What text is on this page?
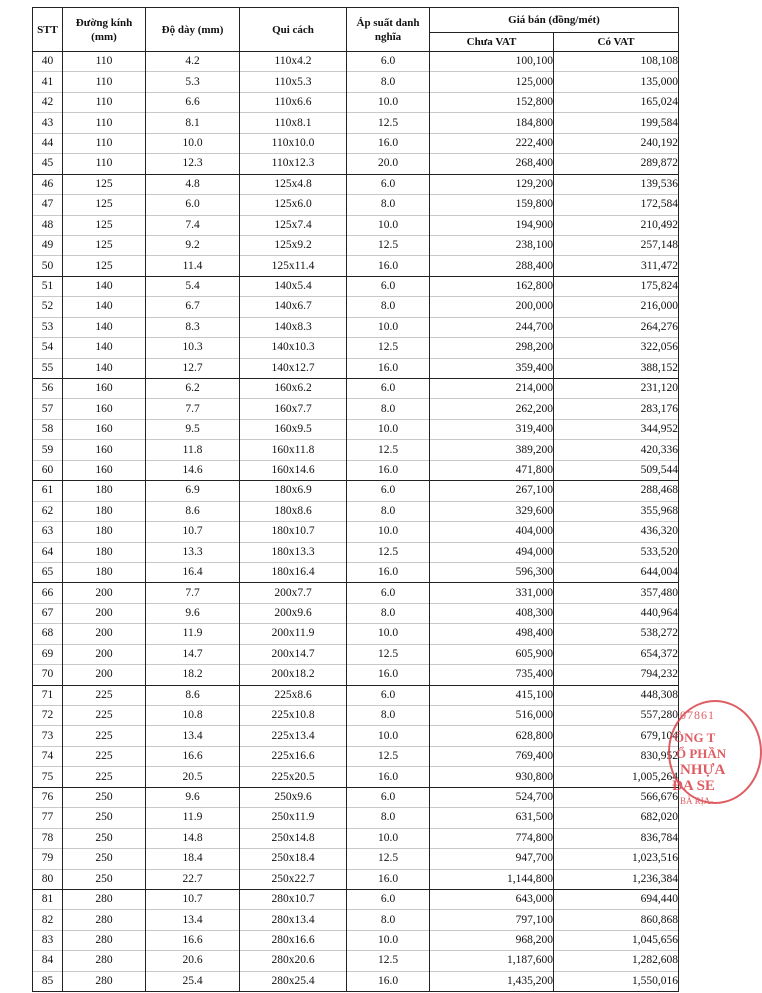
STT	Đường kính (mm)	Độ dày (mm)	Qui cách	Áp suất danh nghĩa	Giá bán (đồng/mét)	
					Chưa VAT	Có VAT
40	110	4.2	110x4.2	6.0	100,100	108,108
41	110	5.3	110x5.3	8.0	125,000	135,000
42	110	6.6	110x6.6	10.0	152,800	165,024
43	110	8.1	110x8.1	12.5	184,800	199,584
44	110	10.0	110x10.0	16.0	222,400	240,192
45	110	12.3	110x12.3	20.0	268,400	289,872
46	125	4.8	125x4.8	6.0	129,200	139,536
47	125	6.0	125x6.0	8.0	159,800	172,584
48	125	7.4	125x7.4	10.0	194,900	210,492
49	125	9.2	125x9.2	12.5	238,100	257,148
50	125	11.4	125x11.4	16.0	288,400	311,472
51	140	5.4	140x5.4	6.0	162,800	175,824
52	140	6.7	140x6.7	8.0	200,000	216,000
53	140	8.3	140x8.3	10.0	244,700	264,276
54	140	10.3	140x10.3	12.5	298,200	322,056
55	140	12.7	140x12.7	16.0	359,400	388,152
56	160	6.2	160x6.2	6.0	214,000	231,120
57	160	7.7	160x7.7	8.0	262,200	283,176
58	160	9.5	160x9.5	10.0	319,400	344,952
59	160	11.8	160x11.8	12.5	389,200	420,336
60	160	14.6	160x14.6	16.0	471,800	509,544
61	180	6.9	180x6.9	6.0	267,100	288,468
62	180	8.6	180x8.6	8.0	329,600	355,968
63	180	10.7	180x10.7	10.0	404,000	436,320
64	180	13.3	180x13.3	12.5	494,000	533,520
65	180	16.4	180x16.4	16.0	596,300	644,004
66	200	7.7	200x7.7	6.0	331,000	357,480
67	200	9.6	200x9.6	8.0	408,300	440,964
68	200	11.9	200x11.9	10.0	498,400	538,272
69	200	14.7	200x14.7	12.5	605,900	654,372
70	200	18.2	200x18.2	16.0	735,400	794,232
71	225	8.6	225x8.6	6.0	415,100	448,308
72	225	10.8	225x10.8	8.0	516,000	557,280
73	225	13.4	225x13.4	10.0	628,800	679,104
74	225	16.6	225x16.6	12.5	769,400	830,952
75	225	20.5	225x20.5	16.0	930,800	1,005,264
76	250	9.6	250x9.6	6.0	524,700	566,676
77	250	11.9	250x11.9	8.0	631,500	682,020
78	250	14.8	250x14.8	10.0	774,800	836,784
79	250	18.4	250x18.4	12.5	947,700	1,023,516
80	250	22.7	250x22.7	16.0	1,144,800	1,236,384
81	280	10.7	280x10.7	6.0	643,000	694,440
82	280	13.4	280x13.4	8.0	797,100	860,868
83	280	16.6	280x16.6	10.0	968,200	1,045,656
84	280	20.6	280x20.6	12.5	1,187,600	1,282,608
85	280	25.4	280x25.4	16.0	1,435,200	1,550,016
07861
ÔNG T
Ổ PHẦN
NHỰA
ĐA SE
BÀ RỊA-
